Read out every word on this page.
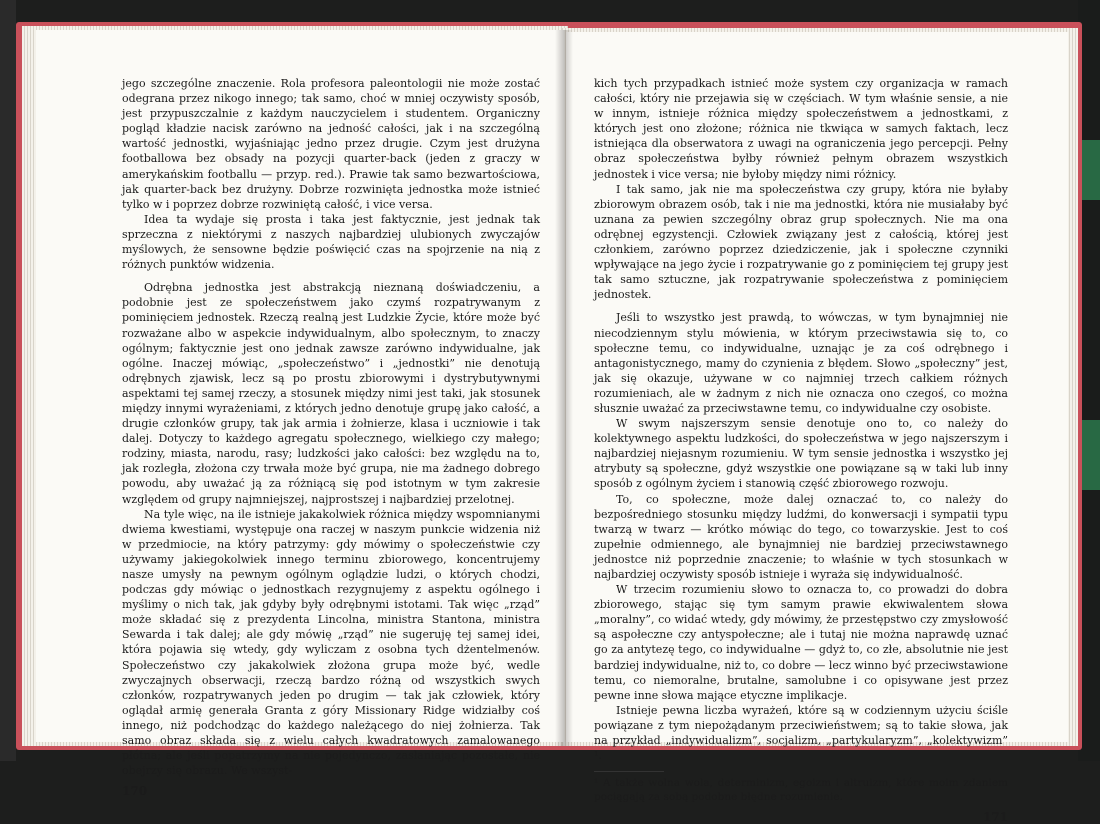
jego szczególne znaczenie. Rola profesora paleontologii nie może zostać odegrana przez nikogo innego; tak samo, choć w mniej oczywisty sposób, jest przypuszczalnie z każdym nauczycielem i studentem. Organiczny pogląd kładzie nacisk zarówno na jedność całości, jak i na szczególną wartość jednostki, wyjaśniając jedno przez drugie. Czym jest drużyna footballowa bez obsady na pozycji quarter-back (jeden z graczy w amerykańskim footballu — przyp. red.). Prawie tak samo bezwartościowa, jak quarter-back bez drużyny. Dobrze rozwinięta jednostka może istnieć tylko w i poprzez dobrze rozwiniętą całość, i vice versa.

Idea ta wydaje się prosta i taka jest faktycznie, jest jednak tak sprzeczna z niektórymi z naszych najbardziej ulubionych zwyczajów myślowych, że sensowne będzie poświęcić czas na spojrzenie na nią z różnych punktów widzenia.

Odrębna jednostka jest abstrakcją nieznaną doświadczeniu, a podobnie jest ze społeczeństwem jako czymś rozpatrywanym z pominięciem jednostek. Rzeczą realną jest Ludzkie Życie, które może być rozważane albo w aspekcie indywidualnym, albo społecznym, to znaczy ogólnym; faktycznie jest ono jednak zawsze zarówno indywidualne, jak ogólne. Inaczej mówiąc, „społeczeństwo” i „jednostki” nie denotują odrębnych zjawisk, lecz są po prostu zbiorowymi i dystrybutywnymi aspektami tej samej rzeczy, a stosunek między nimi jest taki, jak stosunek między innymi wyrażeniami, z których jedno denotuje grupę jako całość, a drugie członków grupy, tak jak armia i żołnierze, klasa i uczniowie i tak dalej. Dotyczy to każdego agregatu społecznego, wielkiego czy małego; rodziny, miasta, narodu, rasy; ludzkości jako całości: bez względu na to, jak rozległa, złożona czy trwała może być grupa, nie ma żadnego dobrego powodu, aby uważać ją za różniącą się pod istotnym w tym zakresie względem od grupy najmniejszej, najprostszej i najbardziej przelotnej.

Na tyle więc, na ile istnieje jakakolwiek różnica między wspomnianymi dwiema kwestiami, występuje ona raczej w naszym punkcie widzenia niż w przedmiocie, na który patrzymy: gdy mówimy o społeczeństwie czy używamy jakiegokolwiek innego terminu zbiorowego, koncentrujemy nasze umysły na pewnym ogólnym oglądzie ludzi, o których chodzi, podczas gdy mówiąc o jednostkach rezygnujemy z aspektu ogólnego i myślimy o nich tak, jak gdyby były odrębnymi istotami. Tak więc „rząd” może składać się z prezydenta Lincolna, ministra Stantona, ministra Sewarda i tak dalej; ale gdy mówię „rząd” nie sugeruję tej samej idei, która pojawia się wtedy, gdy wyliczam z osobna tych dżentelmenów. Społeczeństwo czy jakakolwiek złożona grupa może być, wedle zwyczajnych obserwacji, rzeczą bardzo różną od wszystkich swych członków, rozpatrywanych jeden po drugim — tak jak człowiek, który oglądał armię generała Granta z góry Missionary Ridge widziałby coś innego, niż podchodząc do każdego należącego do niej żołnierza. Tak samo obraz składa się z wielu całych kwadratowych zamalowanego płótna; ale jeśli popatrzymy na nie pojedynczo, zasłaniając pozostałe, nie obejrzy się obrazu. We wszyst-

170

kich tych przypadkach istnieć może system czy organizacja w ramach całości, który nie przejawia się w częściach. W tym właśnie sensie, a nie w innym, istnieje różnica między społeczeństwem a jednostkami, z których jest ono złożone; różnica nie tkwiąca w samych faktach, lecz istniejąca dla obserwatora z uwagi na ograniczenia jego percepcji. Pełny obraz społeczeństwa byłby również pełnym obrazem wszystkich jednostek i vice versa; nie byłoby między nimi różnicy.

I tak samo, jak nie ma społeczeństwa czy grupy, która nie byłaby zbiorowym obrazem osób, tak i nie ma jednostki, która nie musiałaby być uznana za pewien szczególny obraz grup społecznych. Nie ma ona odrębnej egzystencji. Człowiek związany jest z całością, której jest członkiem, zarówno poprzez dziedziczenie, jak i społeczne czynniki wpływające na jego życie i rozpatrywanie go z pominięciem tej grupy jest tak samo sztuczne, jak rozpatrywanie społeczeństwa z pominięciem jednostek.

Jeśli to wszystko jest prawdą, to wówczas, w tym bynajmniej nie niecodziennym stylu mówienia, w którym przeciwstawia się to, co społeczne temu, co indywidualne, uznając je za coś odrębnego i antagonistycznego, mamy do czynienia z błędem. Słowo „społeczny” jest, jak się okazuje, używane w co najmniej trzech całkiem różnych rozumieniach, ale w żadnym z nich nie oznacza ono czegoś, co można słusznie uważać za przeciwstawne temu, co indywidualne czy osobiste.

W swym najszerszym sensie denotuje ono to, co należy do kolektywnego aspektu ludzkości, do społeczeństwa w jego najszerszym i najbardziej niejasnym rozumieniu. W tym sensie jednostka i wszystko jej atrybuty są społeczne, gdyż wszystkie one powiązane są w taki lub inny sposób z ogólnym życiem i stanowią część zbiorowego rozwoju.

To, co społeczne, może dalej oznaczać to, co należy do bezpośredniego stosunku między ludźmi, do konwersacji i sympatii typu twarzą w twarz — krótko mówiąc do tego, co towarzyskie. Jest to coś zupełnie odmiennego, ale bynajmniej nie bardziej przeciwstawnego jednostce niż poprzednie znaczenie; to właśnie w tych stosunkach w najbardziej oczywisty sposób istnieje i wyraża się indywidualność.

W trzecim rozumieniu słowo to oznacza to, co prowadzi do dobra zbiorowego, stając się tym samym prawie ekwiwalentem słowa „moralny”, co widać wtedy, gdy mówimy, że przestępstwo czy zmysłowość są aspołeczne czy antyspołeczne; ale i tutaj nie można naprawdę uznać go za antytezę tego, co indywidualne — gdyż to, co złe, absolutnie nie jest bardziej indywidualne, niż to, co dobre — lecz winno być przeciwstawione temu, co niemoralne, brutalne, samolubne i co opisywane jest przez pewne inne słowa mające etyczne implikacje.

Istnieje pewna liczba wyrażeń, które są w codziennym użyciu ściśle powiązane z tym niepożądanym przeciwieństwem; są to takie słowa, jak na przykład „indywidualizm”, socjalizm, „partykularyzm”, „kolektywizm” ¹.

¹ A także wolna wola, determinizm, egoizm i altruizm, które moim zdaniem pociągają za sobą podobne błędne rozumienie.

171
